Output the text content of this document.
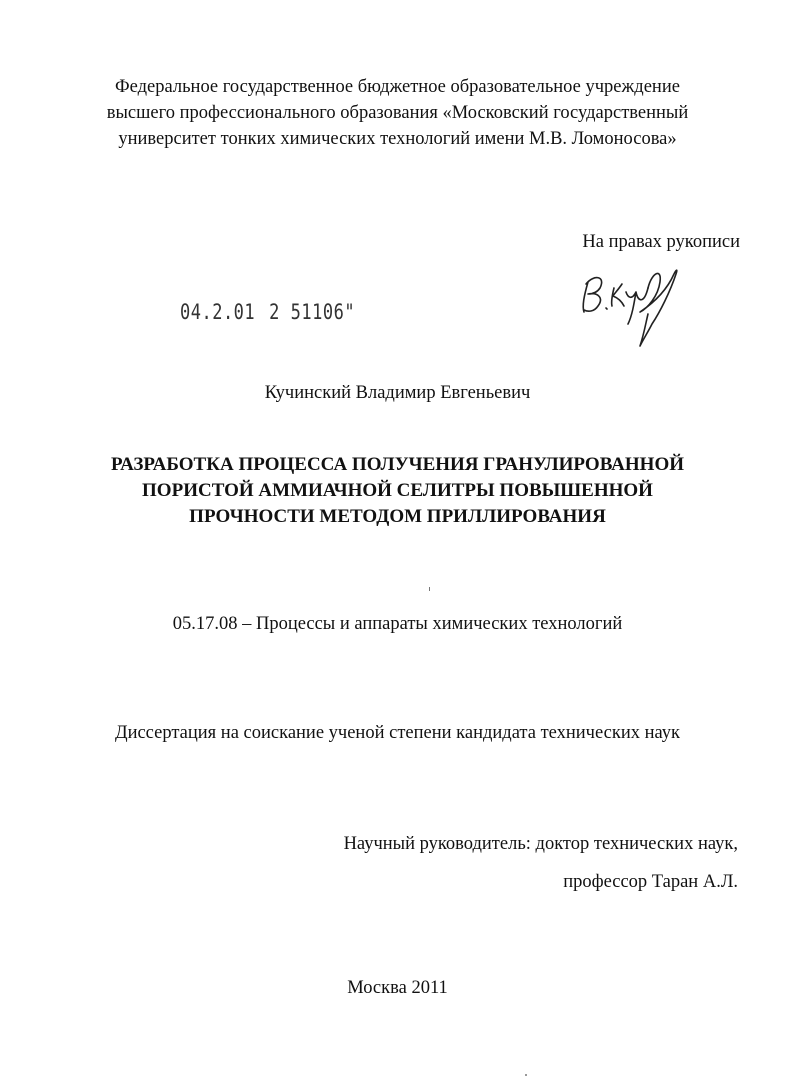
Федеральное государственное бюджетное образовательное учреждение
высшего профессионального образования «Московский государственный
университет тонких химических технологий имени М.В. Ломоносова»
На правах рукописи
04.2.01 2 51106"
Кучинский Владимир Евгеньевич
РАЗРАБОТКА ПРОЦЕССА ПОЛУЧЕНИЯ ГРАНУЛИРОВАННОЙ
ПОРИСТОЙ АММИАЧНОЙ СЕЛИТРЫ ПОВЫШЕННОЙ
ПРОЧНОСТИ МЕТОДОМ ПРИЛЛИРОВАНИЯ
05.17.08 – Процессы и аппараты химических технологий
Диссертация на соискание ученой степени кандидата технических наук
Научный руководитель: доктор технических наук,
профессор Таран А.Л.
Москва 2011
